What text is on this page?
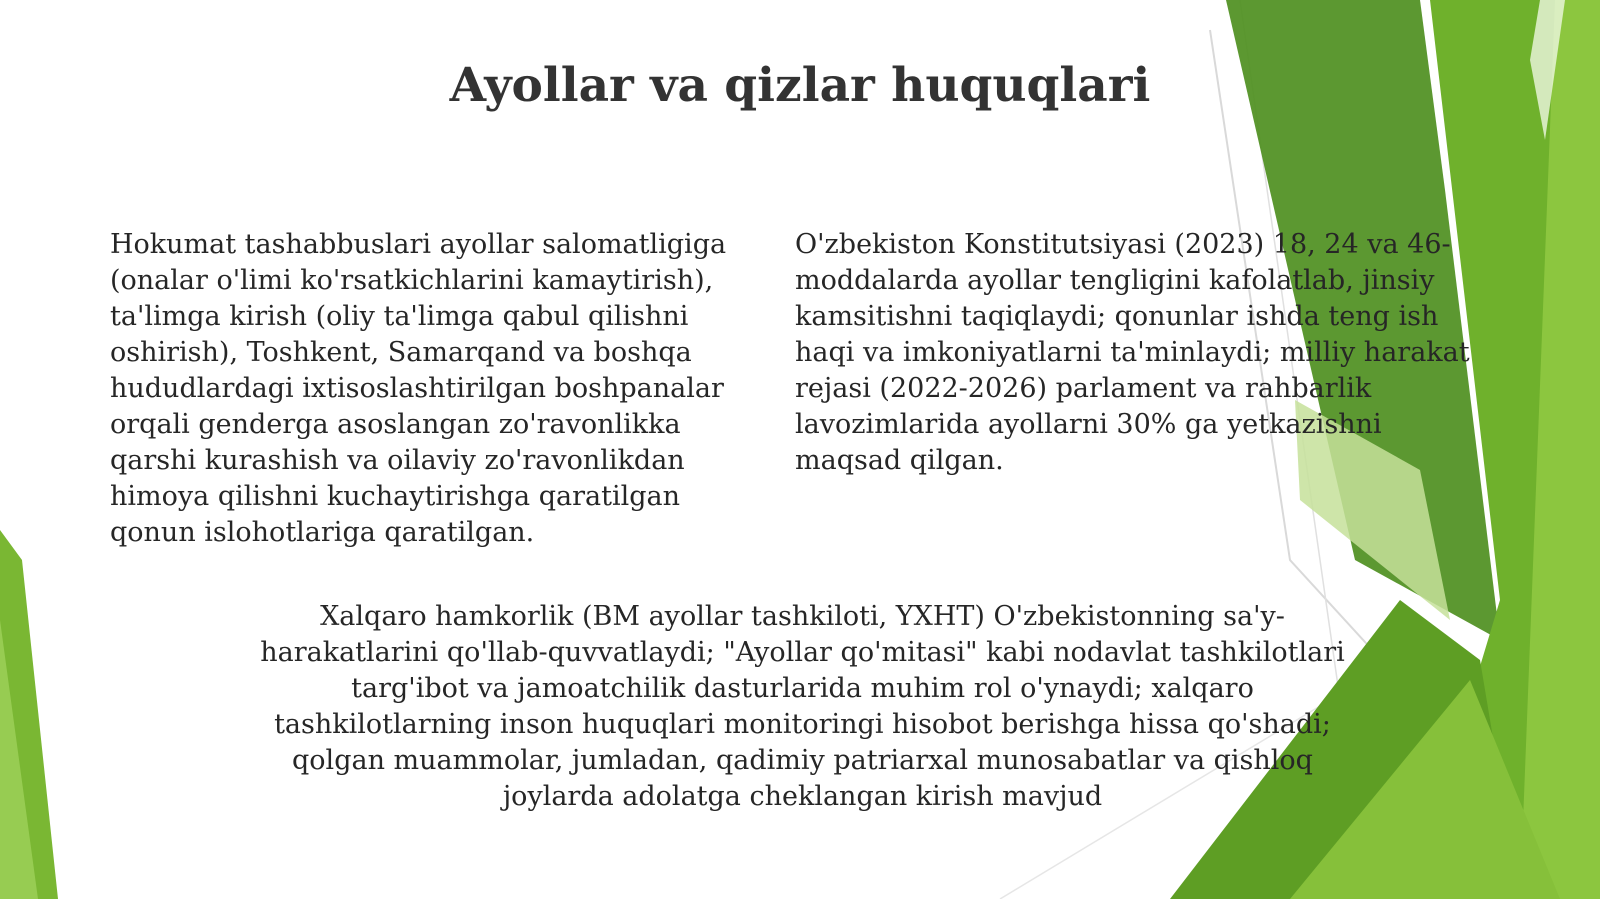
Ayollar va qizlar huquqlari

Hokumat tashabbuslari ayollar salomatligiga (onalar o'limi ko'rsatkichlarini kamaytirish), ta'limga kirish (oliy ta'limga qabul qilishni oshirish), Toshkent, Samarqand va boshqa hududlardagi ixtisoslashtirilgan boshpanalar orqali genderga asoslangan zo'ravonlikka qarshi kurashish va oilaviy zo'ravonlikdan himoya qilishni kuchaytirishga qaratilgan qonun islohotlariga qaratilgan.

O'zbekiston Konstitutsiyasi (2023) 18, 24 va 46-moddalarda ayollar tengligini kafolatlab, jinsiy kamsitishni taqiqlaydi; qonunlar ishda teng ish haqi va imkoniyatlarni ta'minlaydi; milliy harakat rejasi (2022-2026) parlament va rahbarlik lavozimlarida ayollarni 30% ga yetkazishni maqsad qilgan.

Xalqaro hamkorlik (BM ayollar tashkiloti, YXHT) O'zbekistonning sa'y-harakatlarini qo'llab-quvvatlaydi; "Ayollar qo'mitasi" kabi nodavlat tashkilotlari targ'ibot va jamoatchilik dasturlarida muhim rol o'ynaydi; xalqaro tashkilotlarning inson huquqlari monitoringi hisobot berishga hissa qo'shadi; qolgan muammolar, jumladan, qadimiy patriarxal munosabatlar va qishloq joylarda adolatga cheklangan kirish mavjud
